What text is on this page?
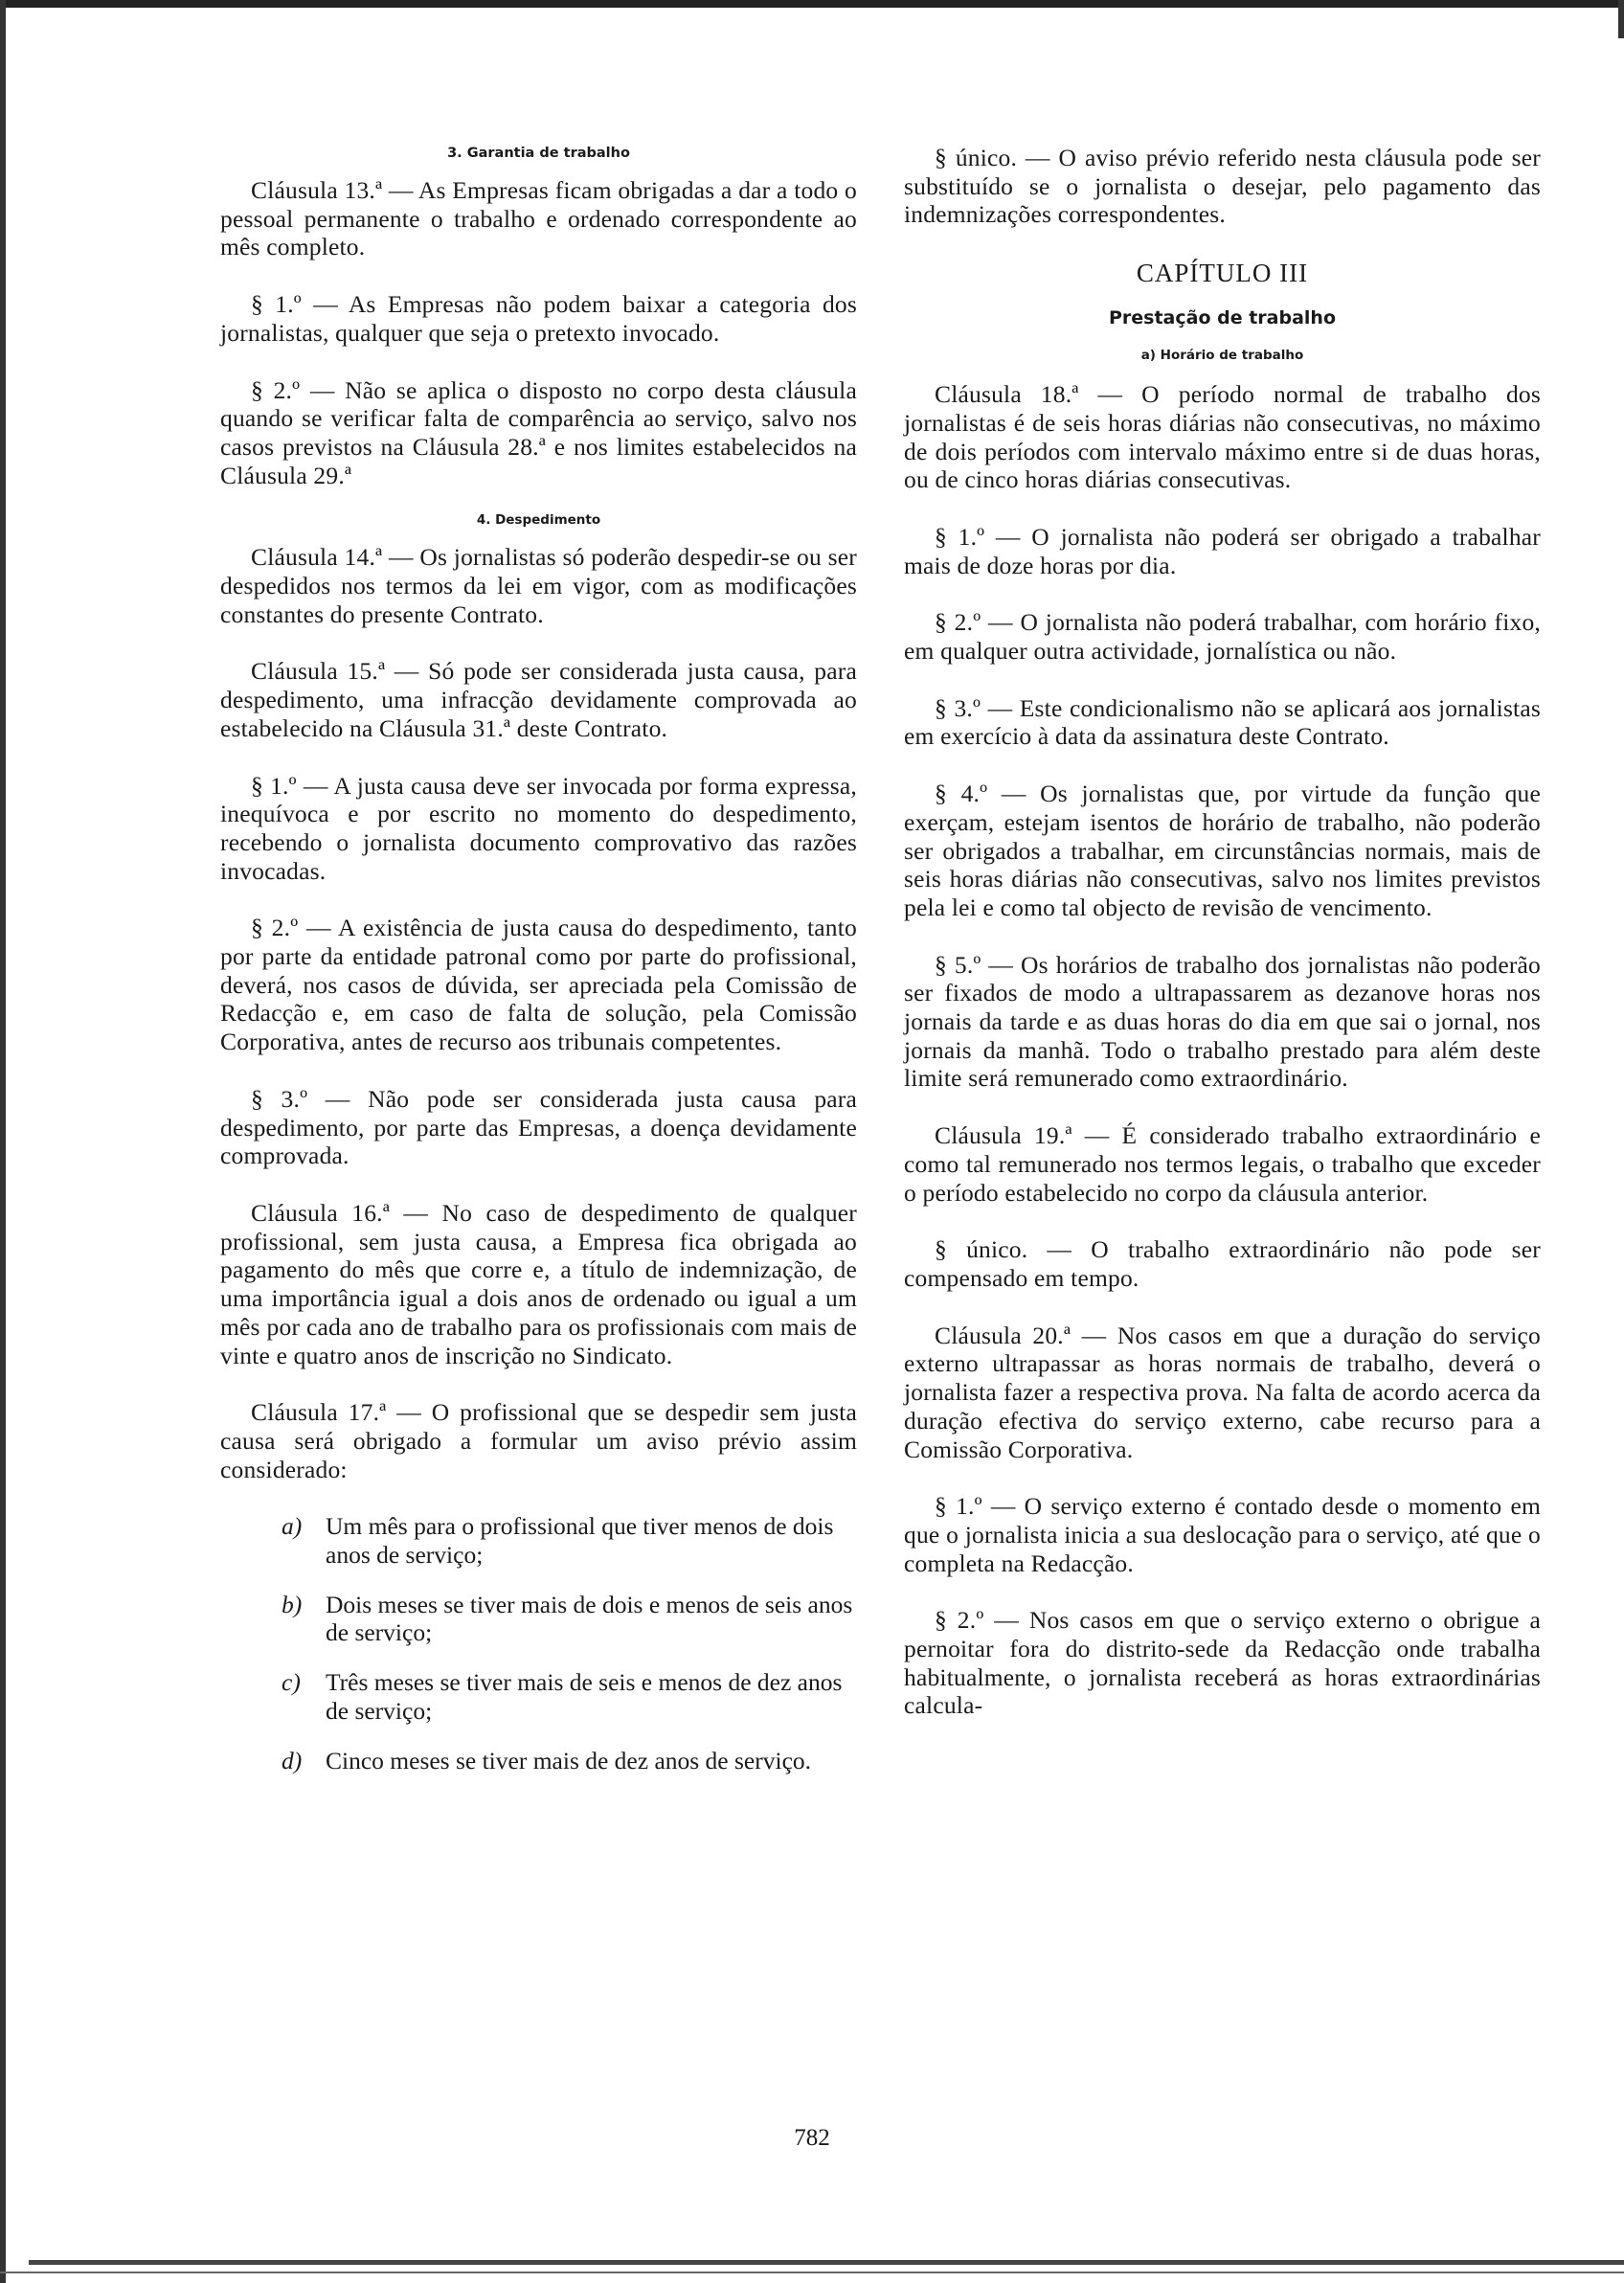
3. Garantia de trabalho

Cláusula 13.ª — As Empresas ficam obrigadas a dar a todo o pessoal permanente o trabalho e ordenado correspondente ao mês completo.

§ 1.º — As Empresas não podem baixar a categoria dos jornalistas, qualquer que seja o pretexto invocado.

§ 2.º — Não se aplica o disposto no corpo desta cláusula quando se verificar falta de comparência ao serviço, salvo nos casos previstos na Cláusula 28.ª e nos limites estabelecidos na Cláusula 29.ª

4. Despedimento

Cláusula 14.ª — Os jornalistas só poderão despedir-se ou ser despedidos nos termos da lei em vigor, com as modificações constantes do presente Contrato.

Cláusula 15.ª — Só pode ser considerada justa causa, para despedimento, uma infracção devidamente comprovada ao estabelecido na Cláusula 31.ª deste Contrato.

§ 1.º — A justa causa deve ser invocada por forma expressa, inequívoca e por escrito no momento do despedimento, recebendo o jornalista documento comprovativo das razões invocadas.

§ 2.º — A existência de justa causa do despedimento, tanto por parte da entidade patronal como por parte do profissional, deverá, nos casos de dúvida, ser apreciada pela Comissão de Redacção e, em caso de falta de solução, pela Comissão Corporativa, antes de recurso aos tribunais competentes.

§ 3.º — Não pode ser considerada justa causa para despedimento, por parte das Empresas, a doença devidamente comprovada.

Cláusula 16.ª — No caso de despedimento de qualquer profissional, sem justa causa, a Empresa fica obrigada ao pagamento do mês que corre e, a título de indemnização, de uma importância igual a dois anos de ordenado ou igual a um mês por cada ano de trabalho para os profissionais com mais de vinte e quatro anos de inscrição no Sindicato.

Cláusula 17.ª — O profissional que se despedir sem justa causa será obrigado a formular um aviso prévio assim considerado:

a) Um mês para o profissional que tiver menos de dois anos de serviço;
b) Dois meses se tiver mais de dois e menos de seis anos de serviço;
c) Três meses se tiver mais de seis e menos de dez anos de serviço;
d) Cinco meses se tiver mais de dez anos de serviço.

§ único. — O aviso prévio referido nesta cláusula pode ser substituído se o jornalista o desejar, pelo pagamento das indemnizações correspondentes.

CAPÍTULO III

Prestação de trabalho

a) Horário de trabalho

Cláusula 18.ª — O período normal de trabalho dos jornalistas é de seis horas diárias não consecutivas, no máximo de dois períodos com intervalo máximo entre si de duas horas, ou de cinco horas diárias consecutivas.

§ 1.º — O jornalista não poderá ser obrigado a trabalhar mais de doze horas por dia.

§ 2.º — O jornalista não poderá trabalhar, com horário fixo, em qualquer outra actividade, jornalística ou não.

§ 3.º — Este condicionalismo não se aplicará aos jornalistas em exercício à data da assinatura deste Contrato.

§ 4.º — Os jornalistas que, por virtude da função que exerçam, estejam isentos de horário de trabalho, não poderão ser obrigados a trabalhar, em circunstâncias normais, mais de seis horas diárias não consecutivas, salvo nos limites previstos pela lei e como tal objecto de revisão de vencimento.

§ 5.º — Os horários de trabalho dos jornalistas não poderão ser fixados de modo a ultrapassarem as dezanove horas nos jornais da tarde e as duas horas do dia em que sai o jornal, nos jornais da manhã. Todo o trabalho prestado para além deste limite será remunerado como extraordinário.

Cláusula 19.ª — É considerado trabalho extraordinário e como tal remunerado nos termos legais, o trabalho que exceder o período estabelecido no corpo da cláusula anterior.

§ único. — O trabalho extraordinário não pode ser compensado em tempo.

Cláusula 20.ª — Nos casos em que a duração do serviço externo ultrapassar as horas normais de trabalho, deverá o jornalista fazer a respectiva prova. Na falta de acordo acerca da duração efectiva do serviço externo, cabe recurso para a Comissão Corporativa.

§ 1.º — O serviço externo é contado desde o momento em que o jornalista inicia a sua deslocação para o serviço, até que o completa na Redacção.

§ 2.º — Nos casos em que o serviço externo o obrigue a pernoitar fora do distrito-sede da Redacção onde trabalha habitualmente, o jornalista receberá as horas extraordinárias calcula-

782
